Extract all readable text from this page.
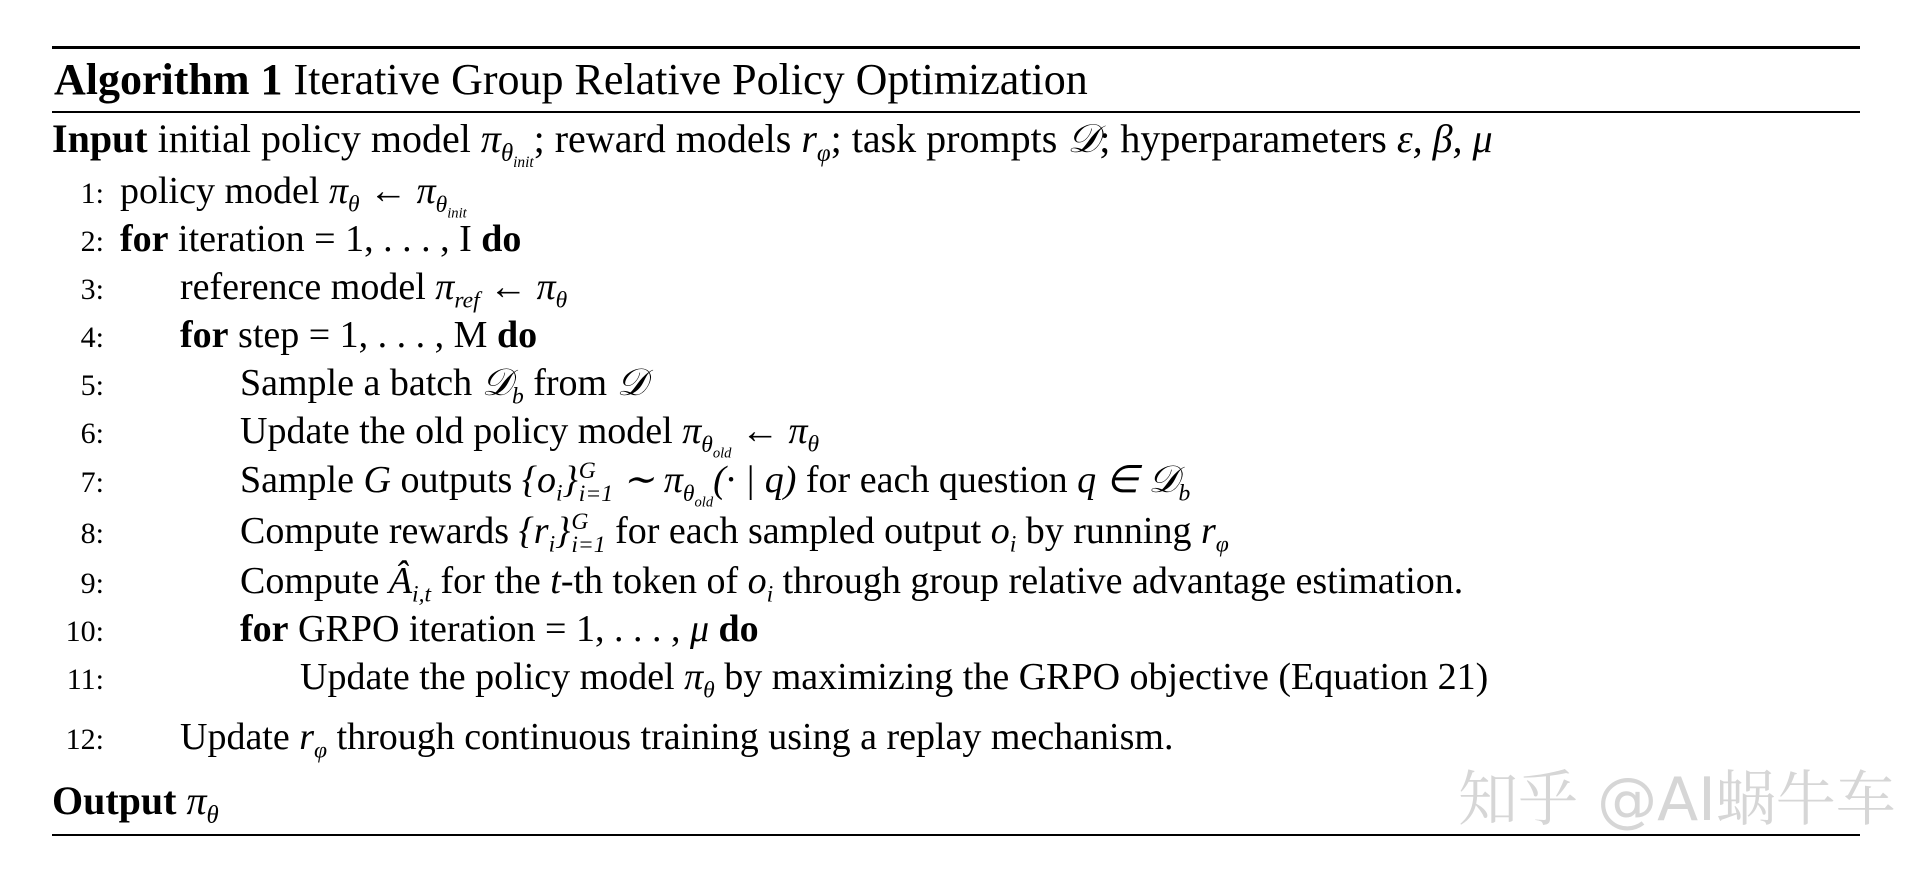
Algorithm 1 Iterative Group Relative Policy Optimization
Input initial policy model $\pi_{\theta_{init}}$; reward models $r_\varphi$; task prompts 𝒟; hyperparameters ε, β, μ
1: policy model $\pi_\theta$ ← $\pi_{\theta_{init}}$
2: for iteration = 1, . . . , I do
3: reference model $\pi_{ref}$ ← $\pi_\theta$
4: for step = 1, . . . , M do
5:	Sample a batch 𝒟$_b$ from 𝒟
6:	Update the old policy model $\pi_{\theta_{old}}$ ← $\pi_\theta$
7:	Sample G outputs $\{o_i\}$ G
i=1 ∼ $\pi_{\theta_{old}}(\cdot$ | q) for each question q ∈ 𝒟$_b$
8:	Compute rewards $\{r_i\}$ G
i=1 for each sampled output $o_i$ by running $r_\varphi$
9:	Compute $Â_{i,t}$ for the t-th token of $o_i$ through group relative advantage estimation.
10:	for GRPO iteration = 1, . . . , μ do
11:	Update the policy model $\pi_\theta$ by maximizing the GRPO objective (Equation 21)
12: Update $r_\varphi$ through continuous training using a replay mechanism.
Output $\pi_\theta$	知乎 @AI蜗牛车
